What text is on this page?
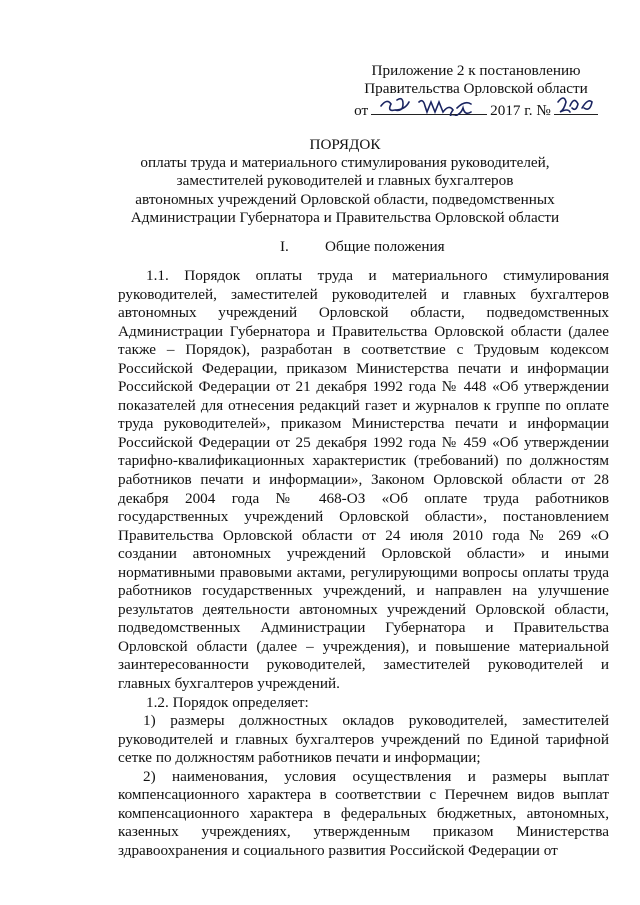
Приложение 2 к постановлению
Правительства Орловской области
от	2017 г. №
ПОРЯДОК
оплаты труда и материального стимулирования руководителей,
заместителей руководителей и главных бухгалтеров
автономных учреждений Орловской области, подведомственных
Администрации Губернатора и Правительства Орловской области
I. Общие положения

1.1. Порядок оплаты труда и материального стимулирования руководителей, заместителей руководителей и главных бухгалтеров автономных учреждений Орловской области, подведомственных Администрации Губернатора и Правительства Орловской области (далее также – Порядок), разработан в соответствие с Трудовым кодексом Российской Федерации, приказом Министерства печати и информации Российской Федерации от 21 декабря 1992 года № 448 «Об утверждении показателей для отнесения редакций газет и журналов к группе по оплате труда руководителей», приказом Министерства печати и информации Российской Федерации от 25 декабря 1992 года № 459 «Об утверждении тарифно-квалификационных характеристик (требований) по должностям работников печати и информации», Законом Орловской области от 28 декабря 2004 года № 468-ОЗ «Об оплате труда работников государственных учреждений Орловской области», постановлением Правительства Орловской области от 24 июля 2010 года № 269 «О создании автономных учреждений Орловской области» и иными нормативными правовыми актами, регулирующими вопросы оплаты труда работников государственных учреждений, и направлен на улучшение результатов деятельности автономных учреждений Орловской области, подведомственных Администрации Губернатора и Правительства Орловской области (далее – учреждения), и повышение материальной заинтересованности руководителей, заместителей руководителей и главных бухгалтеров учреждений.

1.2. Порядок определяет:

1) размеры должностных окладов руководителей, заместителей руководителей и главных бухгалтеров учреждений по Единой тарифной сетке по должностям работников печати и информации;

2) наименования, условия осуществления и размеры выплат компенсационного характера в соответствии с Перечнем видов выплат компенсационного характера в федеральных бюджетных, автономных, казенных учреждениях, утвержденным приказом Министерства здравоохранения и социального развития Российской Федерации от
